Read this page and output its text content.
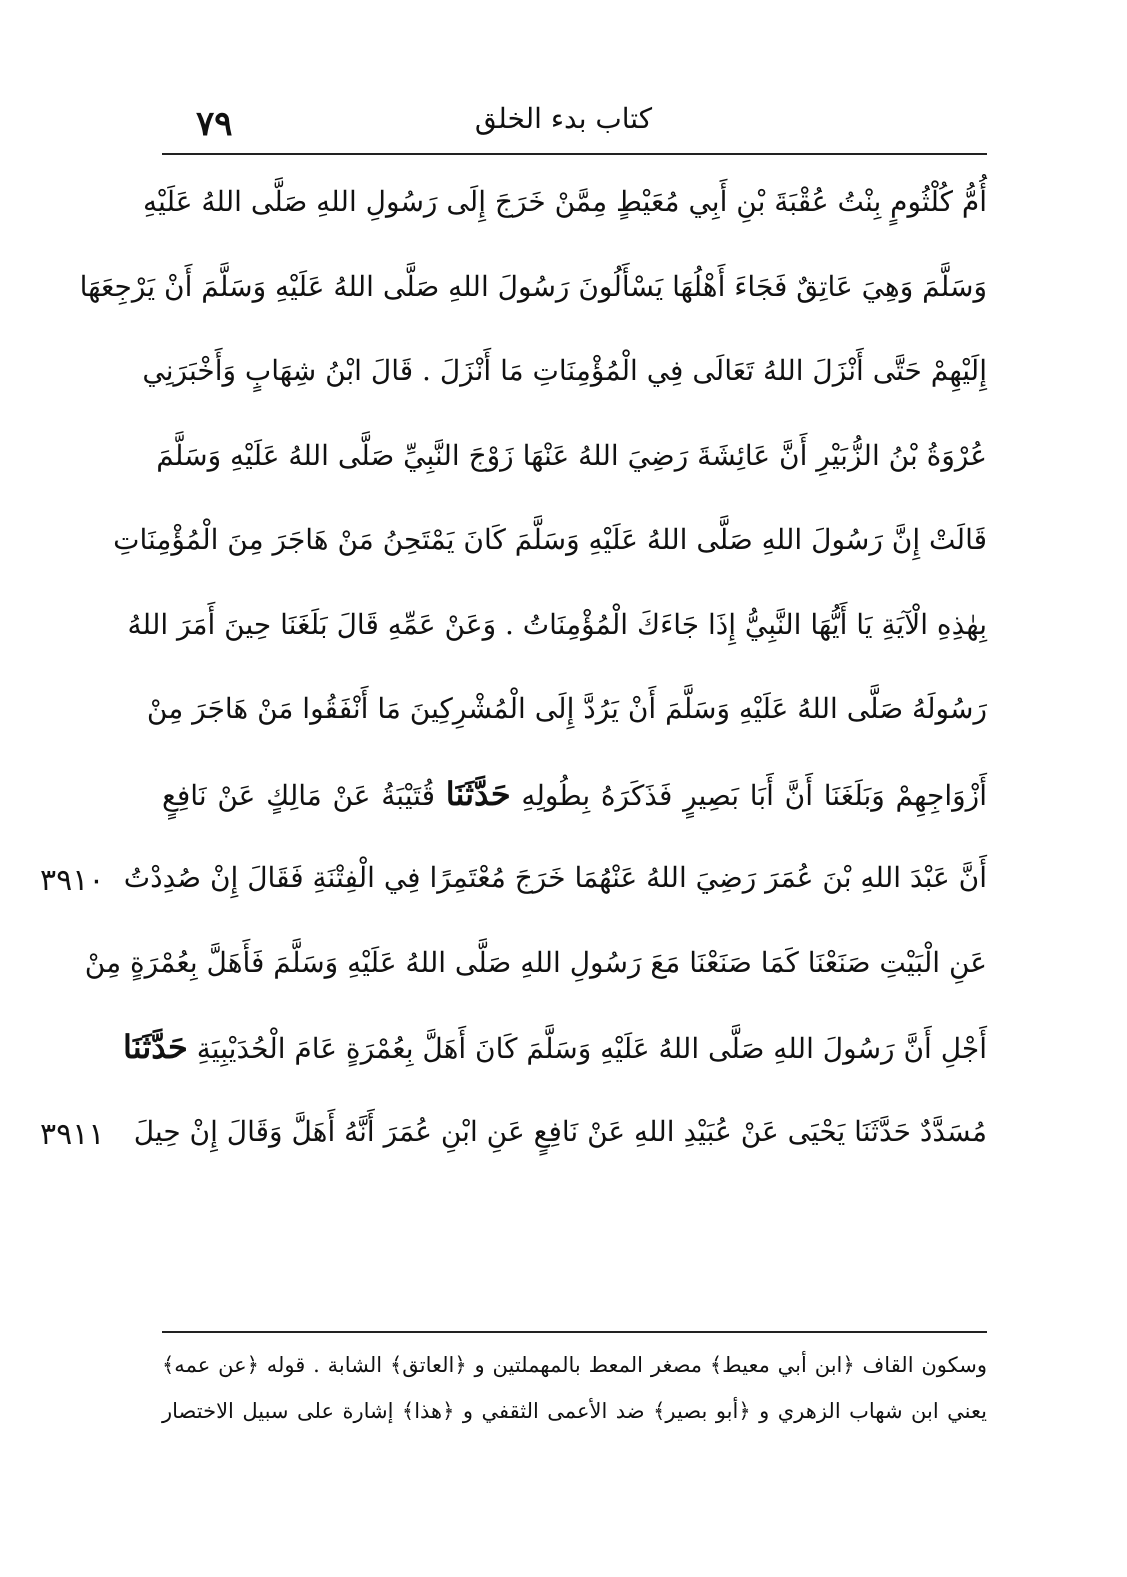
٧٩	كتاب بدء الخلق
أُمُّ كُلْثُومٍ بِنْتُ عُقْبَةَ بْنِ أَبِي مُعَيْطٍ مِمَّنْ خَرَجَ إِلَى رَسُولِ اللهِ صَلَّى اللهُ عَلَيْهِ
وَسَلَّمَ وَهِيَ عَاتِقٌ فَجَاءَ أَهْلُهَا يَسْأَلُونَ رَسُولَ اللهِ صَلَّى اللهُ عَلَيْهِ وَسَلَّمَ أَنْ يَرْجِعَهَا
إِلَيْهِمْ حَتَّى أَنْزَلَ اللهُ تَعَالَى فِي الْمُؤْمِنَاتِ مَا أَنْزَلَ . قَالَ ابْنُ شِهَابٍ وَأَخْبَرَنِي
عُرْوَةُ بْنُ الزُّبَيْرِ أَنَّ عَائِشَةَ رَضِيَ اللهُ عَنْهَا زَوْجَ النَّبِيِّ صَلَّى اللهُ عَلَيْهِ وَسَلَّمَ
قَالَتْ إِنَّ رَسُولَ اللهِ صَلَّى اللهُ عَلَيْهِ وَسَلَّمَ كَانَ يَمْتَحِنُ مَنْ هَاجَرَ مِنَ الْمُؤْمِنَاتِ
بِهٰذِهِ الْآيَةِ يَا أَيُّهَا النَّبِيُّ إِذَا جَاءَكَ الْمُؤْمِنَاتُ . وَعَنْ عَمِّهِ قَالَ بَلَغَنَا حِينَ أَمَرَ اللهُ
رَسُولَهُ صَلَّى اللهُ عَلَيْهِ وَسَلَّمَ أَنْ يَرُدَّ إِلَى الْمُشْرِكِينَ مَا أَنْفَقُوا مَنْ هَاجَرَ مِنْ
أَزْوَاجِهِمْ وَبَلَغَنَا أَنَّ أَبَا بَصِيرٍ فَذَكَرَهُ بِطُولِهِ حَدَّثَنَا قُتَيْبَةُ عَنْ مَالِكٍ عَنْ نَافِعٍ
أَنَّ عَبْدَ اللهِ بْنَ عُمَرَ رَضِيَ اللهُ عَنْهُمَا خَرَجَ مُعْتَمِرًا فِي الْفِتْنَةِ فَقَالَ إِنْ صُدِدْتُ
عَنِ الْبَيْتِ صَنَعْنَا كَمَا صَنَعْنَا مَعَ رَسُولِ اللهِ صَلَّى اللهُ عَلَيْهِ وَسَلَّمَ فَأَهَلَّ بِعُمْرَةٍ مِنْ
أَجْلِ أَنَّ رَسُولَ اللهِ صَلَّى اللهُ عَلَيْهِ وَسَلَّمَ كَانَ أَهَلَّ بِعُمْرَةٍ عَامَ الْحُدَيْبِيَةِ حَدَّثَنَا
مُسَدَّدٌ حَدَّثَنَا يَحْيَى عَنْ عُبَيْدِ اللهِ عَنْ نَافِعٍ عَنِ ابْنِ عُمَرَ أَنَّهُ أَهَلَّ وَقَالَ إِنْ حِيلَ
٣٩١٠
٣٩١١
وسكون القاف ﴿ابن أبي معيط﴾ مصغر المعط بالمهملتين و ﴿العاتق﴾ الشابة . قوله ﴿عن عمه﴾
يعني ابن شهاب الزهري و ﴿أبو بصير﴾ ضد الأعمى الثقفي و ﴿هذا﴾ إشارة على سبيل الاختصار
